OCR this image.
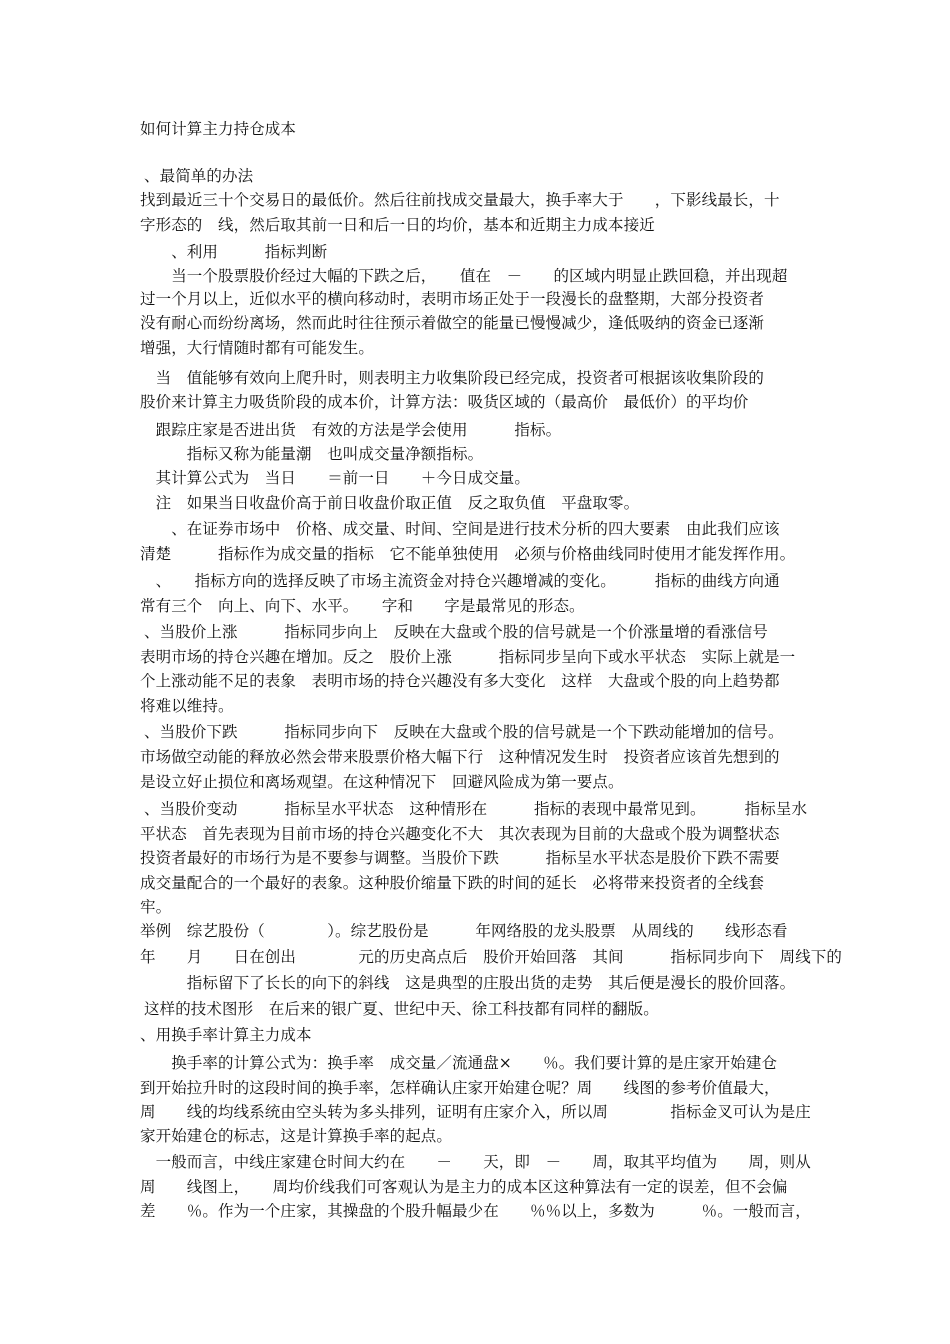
如何计算主力持仓成本
、最简单的办法
找到最近三十个交易日的最低价。然后往前找成交量最大，换手率大于　　，下影线最长，十
字形态的　线，然后取其前一日和后一日的均价，基本和近期主力成本接近
　　、利用　　　指标判断
　　当一个股票股价经过大幅的下跌之后，　　值在　－　　的区域内明显止跌回稳，并出现超
过一个月以上，近似水平的横向移动时，表明市场正处于一段漫长的盘整期，大部分投资者
没有耐心而纷纷离场，然而此时往往预示着做空的能量已慢慢减少，逢低吸纳的资金已逐渐
增强，大行情随时都有可能发生。
　当　值能够有效向上爬升时，则表明主力收集阶段已经完成，投资者可根据该收集阶段的
股价来计算主力吸货阶段的成本价，计算方法：吸货区域的（最高价　最低价）的平均价
　跟踪庄家是否进出货　有效的方法是学会使用　　　指标。
　　　指标又称为能量潮　也叫成交量净额指标。
　其计算公式为　当日　　＝前一日　　＋今日成交量。
　注　如果当日收盘价高于前日收盘价取正值　反之取负值　平盘取零。
　　、在证券市场中　价格、成交量、时间、空间是进行技术分析的四大要素　由此我们应该
清楚　　　指标作为成交量的指标　它不能单独使用　必须与价格曲线同时使用才能发挥作用。
　、　　指标方向的选择反映了市场主流资金对持仓兴趣增减的变化。　　　指标的曲线方向通
常有三个　向上、向下、水平。　　字和　　字是最常见的形态。
、当股价上涨　　　指标同步向上　反映在大盘或个股的信号就是一个价涨量增的看涨信号
表明市场的持仓兴趣在增加。反之　股价上涨　　　指标同步呈向下或水平状态　实际上就是一
个上涨动能不足的表象　表明市场的持仓兴趣没有多大变化　这样　大盘或个股的向上趋势都
将难以维持。
、当股价下跌　　　指标同步向下　反映在大盘或个股的信号就是一个下跌动能增加的信号。
市场做空动能的释放必然会带来股票价格大幅下行　这种情况发生时　投资者应该首先想到的
是设立好止损位和离场观望。在这种情况下　回避风险成为第一要点。
、当股价变动　　　指标呈水平状态　这种情形在　　　指标的表现中最常见到。　　　指标呈水
平状态　首先表现为目前市场的持仓兴趣变化不大　其次表现为目前的大盘或个股为调整状态
投资者最好的市场行为是不要参与调整。当股价下跌　　　指标呈水平状态是股价下跌不需要
成交量配合的一个最好的表象。这种股价缩量下跌的时间的延长　必将带来投资者的全线套
牢。
举例　综艺股份（　　　　）。综艺股份是　　　年网络股的龙头股票　从周线的　　线形态看
年　　月　　日在创出　　　　元的历史高点后　股价开始回落　其间　　　指标同步向下　周线下的
　　　指标留下了长长的向下的斜线　这是典型的庄股出货的走势　其后便是漫长的股价回落。
这样的技术图形　在后来的银广夏、世纪中天、徐工科技都有同样的翻版。
、用换手率计算主力成本
　　换手率的计算公式为：换手率　成交量／流通盘×　　％。我们要计算的是庄家开始建仓
到开始拉升时的这段时间的换手率，怎样确认庄家开始建仓呢？周　　线图的参考价值最大，
周　　线的均线系统由空头转为多头排列，证明有庄家介入，所以周　　　　指标金叉可认为是庄
家开始建仓的标志，这是计算换手率的起点。
　一般而言，中线庄家建仓时间大约在　　－　　天，即　－　　周，取其平均值为　　周，则从
周　　线图上，　　周均价线我们可客观认为是主力的成本区这种算法有一定的误差，但不会偏
差　　％。作为一个庄家，其操盘的个股升幅最少在　　％％以上，多数为　　　％。一般而言，
